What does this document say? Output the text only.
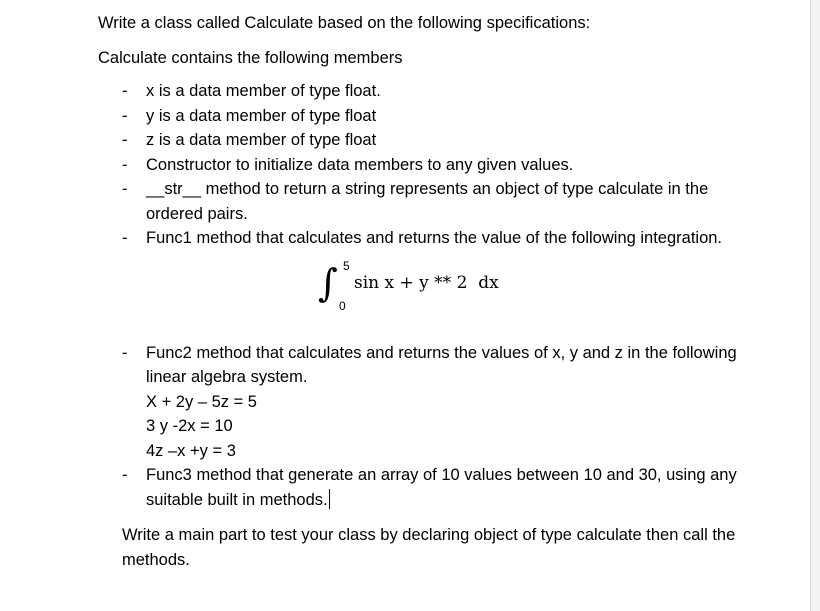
Write a class called Calculate based on the following specifications:

Calculate contains the following members

- x is a data member of type float.
- y is a data member of type float
- z is a data member of type float
- Constructor to initialize data members to any given values.
- __str__ method to return a string represents an object of type calculate in the ordered pairs.
- Func1 method that calculates and returns the value of the following integration.
∫ 5
0
sin x + y ** 2  dx
- Func2 method that calculates and returns the values of x, y and z in the following linear algebra system.
X + 2y – 5z = 5
3 y -2x = 10
4z –x +y = 3
- Func3 method that generate an array of 10 values between 10 and 30, using any suitable built in methods.

Write a main part to test your class by declaring object of type calculate then call the methods.
